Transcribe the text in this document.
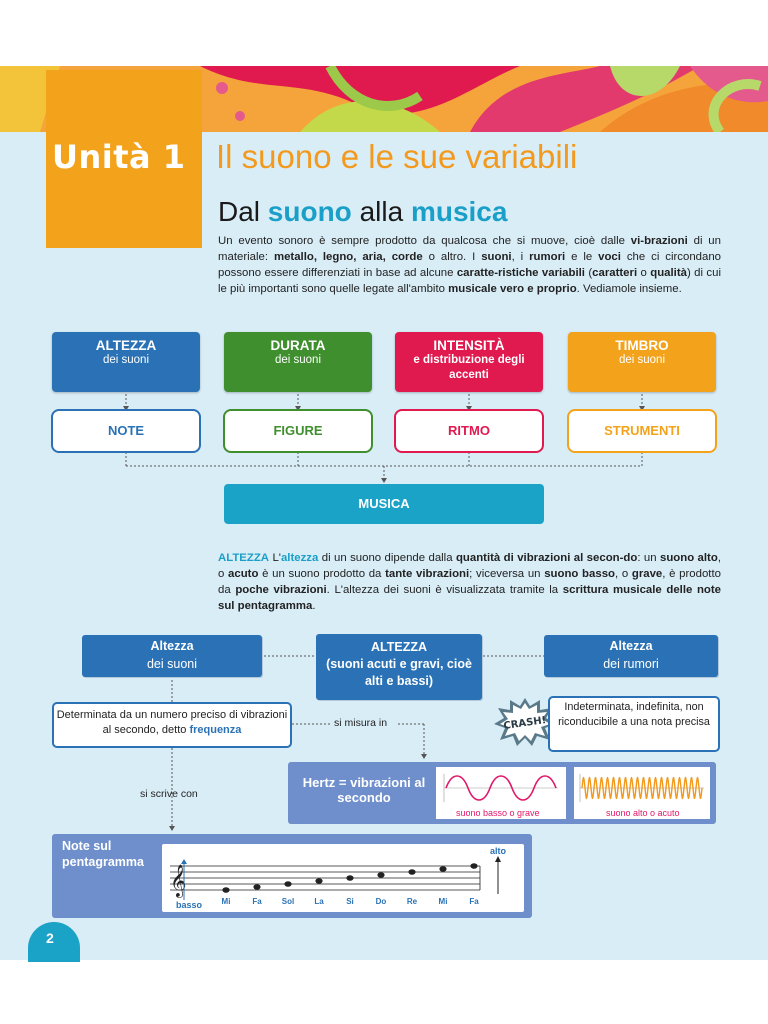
Unità 1 Il suono e le sue variabili
Dal suono alla musica
Un evento sonoro è sempre prodotto da qualcosa che si muove, cioè dalle vi-brazioni di un materiale: metallo, legno, aria, corde o altro. I suoni, i rumori e le voci che ci circondano possono essere differenziati in base ad alcune caratte-ristiche variabili (caratteri o qualità) di cui le più importanti sono quelle legate all'ambito musicale vero e proprio. Vediamole insieme.
ALTEZZA
dei suoni
DURATA
dei suoni
INTENSITÀ
e distribuzione degli accenti
TIMBRO
dei suoni
NOTE	FIGURE	RITMO	STRUMENTI
MUSICA
ALTEZZA L'altezza di un suono dipende dalla quantità di vibrazioni al secon-do: un suono alto, o acuto è un suono prodotto da tante vibrazioni; viceversa un suono basso, o grave, è prodotto da poche vibrazioni. L'altezza dei suoni è visualizzata tramite la scrittura musicale delle note sul pentagramma.
Altezza
dei suoni
ALTEZZA
(suoni acuti e gravi, cioè alti e bassi)
Altezza
dei rumori
Determinata da un numero preciso di vibrazioni al secondo, detto frequenza
si misura in	CRASH!
Indeterminata, indefinita, non riconducibile a una nota precisa
si scrive con
Hertz = vibrazioni al secondo
suono basso o grave	suono alto o acuto
Note sul pentagramma
𝄞
Mi	Fa	Sol	La	Si	Do	Re	Mi	Fa
alto
basso
2
